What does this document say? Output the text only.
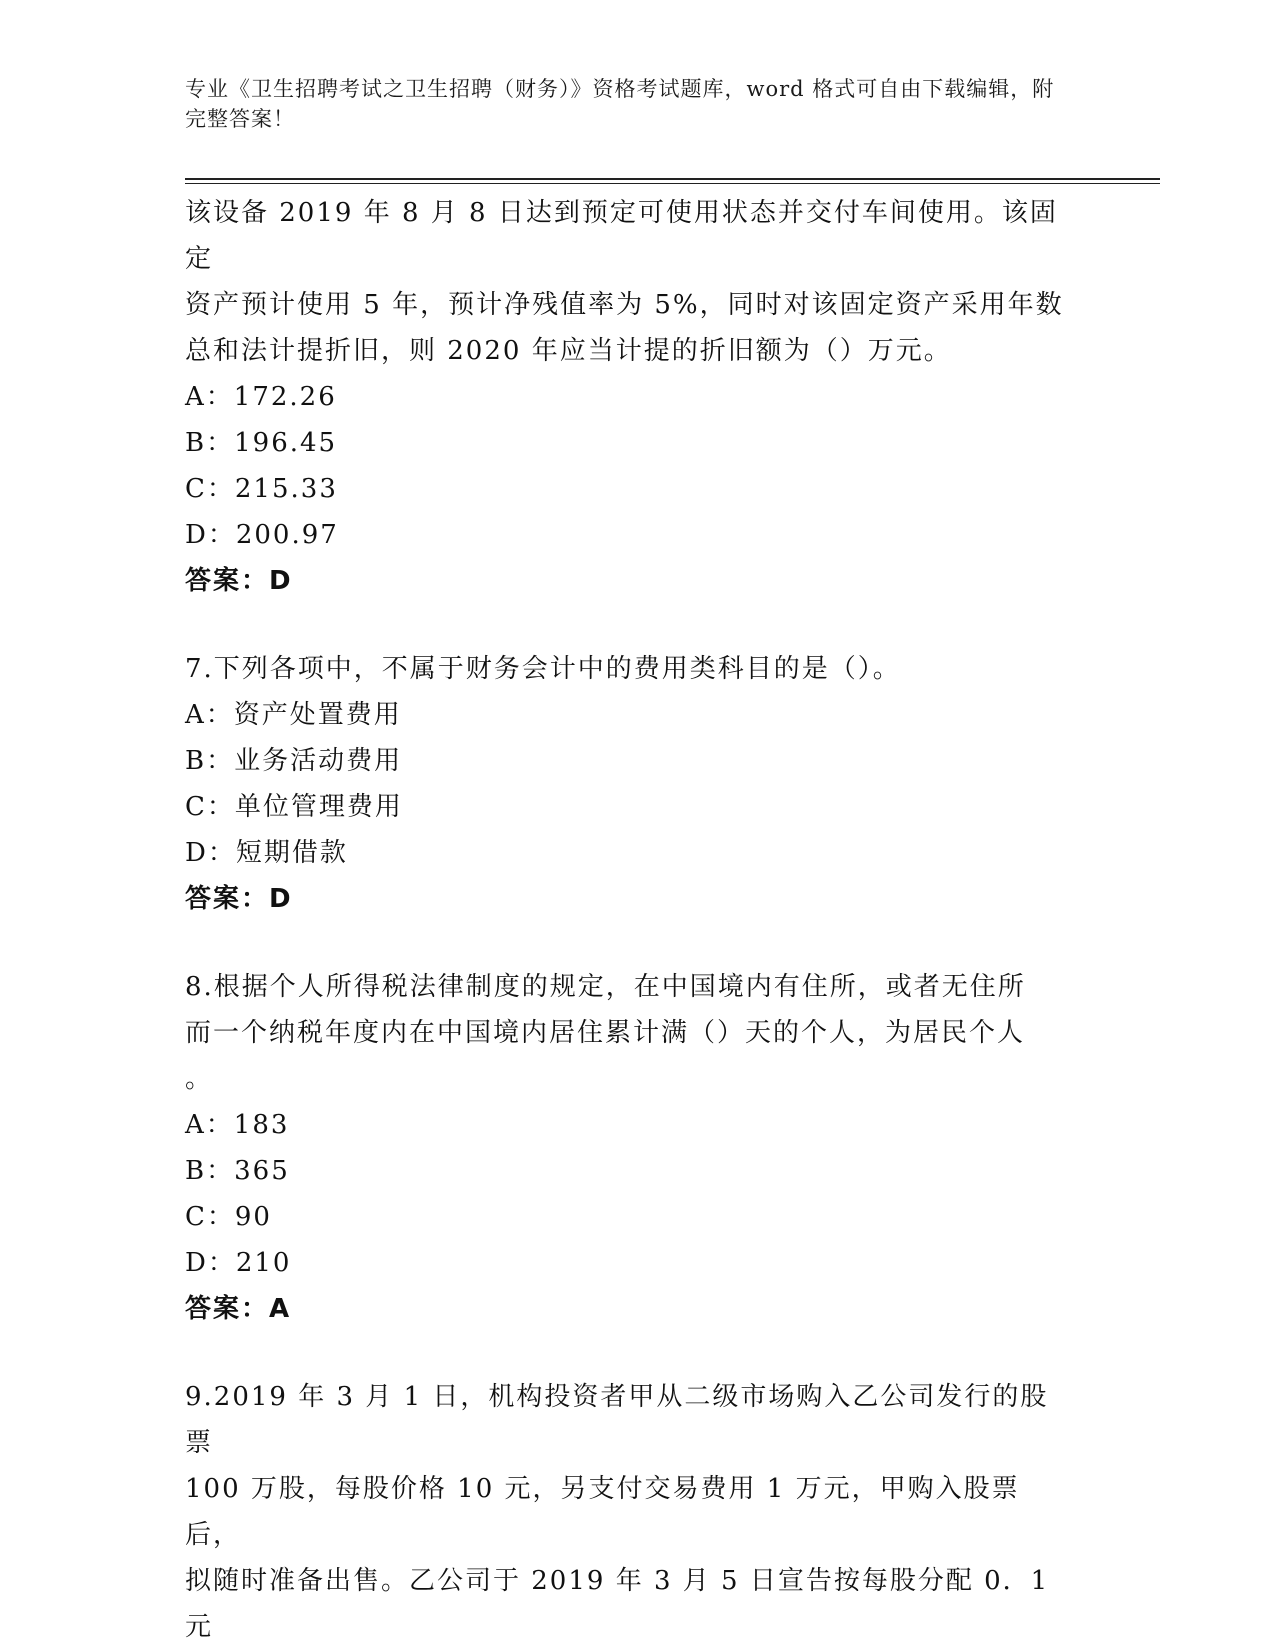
专业《卫生招聘考试之卫生招聘（财务）》资格考试题库，word 格式可自由下载编辑，附完整答案！

该设备 2019 年 8 月 8 日达到预定可使用状态并交付车间使用。该固定

资产预计使用 5 年，预计净残值率为 5%，同时对该固定资产采用年数

总和法计提折旧，则 2020 年应当计提的折旧额为（）万元。

A：172.26

B：196.45

C：215.33

D：200.97

答案：D

7.下列各项中，不属于财务会计中的费用类科目的是（）。

A：资产处置费用

B：业务活动费用

C：单位管理费用

D：短期借款

答案：D

8.根据个人所得税法律制度的规定，在中国境内有住所，或者无住所

而一个纳税年度内在中国境内居住累计满（）天的个人，为居民个人

。

A：183

B：365

C：90

D：210

答案：A

9.2019 年 3 月 1 日，机构投资者甲从二级市场购入乙公司发行的股票

100 万股，每股价格 10 元，另支付交易费用 1 万元，甲购入股票后，

拟随时准备出售。乙公司于 2019 年 3 月 5 日宣告按每股分配 0．1 元
